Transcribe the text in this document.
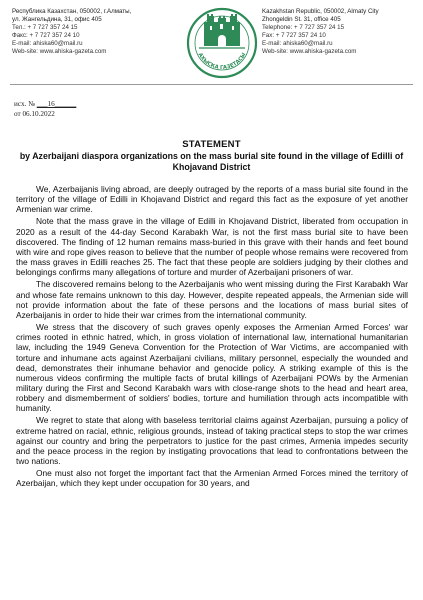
Республика Казахстан, 050002, г.Алматы,
ул. Жангельдина, 31, офис 405
Тел.: + 7 727 357 24 15
Факс: + 7 727 357 24 10
E-mail: ahiska60@mail.ru
Web-site: www.ahiska-gazeta.com
АХЫСКА ГАЗЕТАСЫ
Kazakhstan Republic, 050002, Almaty City
Zhongeldin St. 31, office 405
Telephone: + 7 727 357 24 15
Fax: + 7 727 357 24 10
E-mail: ahiska60@mail.ru
Web-site: www.ahiska-gazeta.com
исх. № ___16______
от 06.10.2022
STATEMENT
by Azerbaijani diaspora organizations on the mass burial site found in the village of Edilli of Khojavand District

We, Azerbaijanis living abroad, are deeply outraged by the reports of a mass burial site found in the territory of the village of Edilli in Khojavand District and regard this fact as the exposure of yet another Armenian war crime.

Note that the mass grave in the village of Edilli in Khojavand District, liberated from occupation in 2020 as a result of the 44-day Second Karabakh War, is not the first mass burial site to have been discovered. The finding of 12 human remains mass-buried in this grave with their hands and feet bound with wire and rope gives reason to believe that the number of people whose remains were recovered from the mass graves in Edilli reaches 25. The fact that these people are soldiers judging by their clothes and belongings confirms many allegations of torture and murder of Azerbaijani prisoners of war.

The discovered remains belong to the Azerbaijanis who went missing during the First Karabakh War and whose fate remains unknown to this day. However, despite repeated appeals, the Armenian side will not provide information about the fate of these persons and the locations of mass burial sites of Azerbaijanis in order to hide their war crimes from the international community.

We stress that the discovery of such graves openly exposes the Armenian Armed Forces' war crimes rooted in ethnic hatred, which, in gross violation of international law, international humanitarian law, including the 1949 Geneva Convention for the Protection of War Victims, are accompanied with torture and inhumane acts against Azerbaijani civilians, military personnel, especially the wounded and dead, demonstrates their inhumane behavior and genocide policy. A striking example of this is the numerous videos confirming the multiple facts of brutal killings of Azerbaijani POWs by the Armenian military during the First and Second Karabakh wars with close-range shots to the head and heart area, robbery and dismemberment of soldiers' bodies, torture and humiliation through acts incompatible with humanity.

We regret to state that along with baseless territorial claims against Azerbaijan, pursuing a policy of extreme hatred on racial, ethnic, religious grounds, instead of taking practical steps to stop the war crimes against our country and bring the perpetrators to justice for the past crimes, Armenia impedes security and the peace process in the region by instigating provocations that lead to confrontations between the two nations.

One must also not forget the important fact that the Armenian Armed Forces mined the territory of Azerbaijan, which they kept under occupation for 30 years, and
